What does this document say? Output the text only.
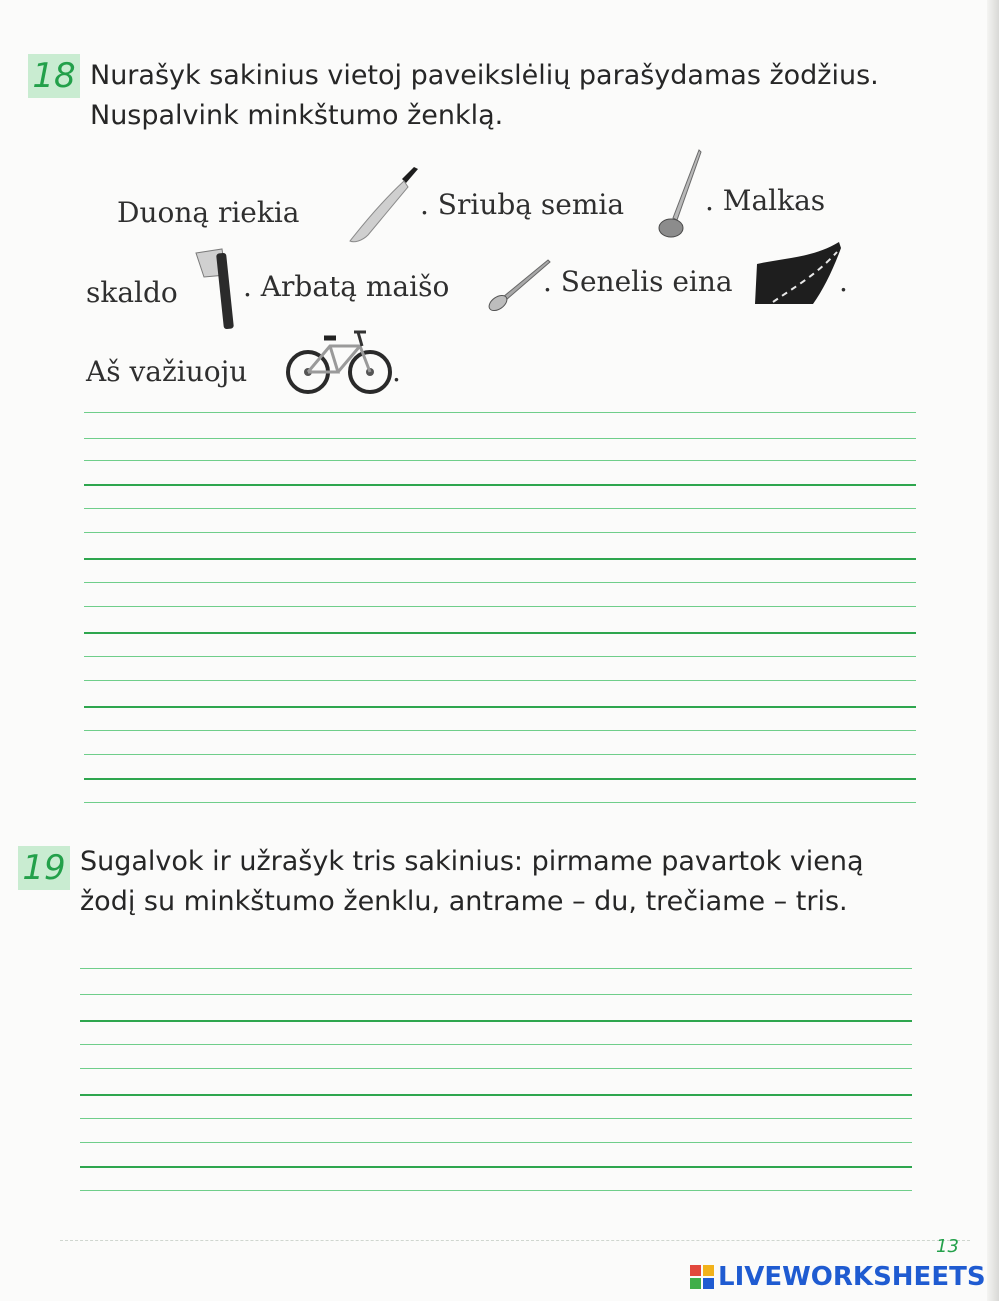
18 Nurašyk sakinius vietoj paveikslėlių parašydamas žodžius. Nuspalvink minkštumo ženklą.

Duoną riekia	. Sriubą semia	. Malkas
skaldo . Arbatą maišo	. Senelis eina	.
Aš važiuoju	.
19 Sugalvok ir užrašyk tris sakinius: pirmame pavartok vieną žodį su minkštumo ženklu, antrame – du, trečiame – tris.

13
LIVEWORKSHEETS
